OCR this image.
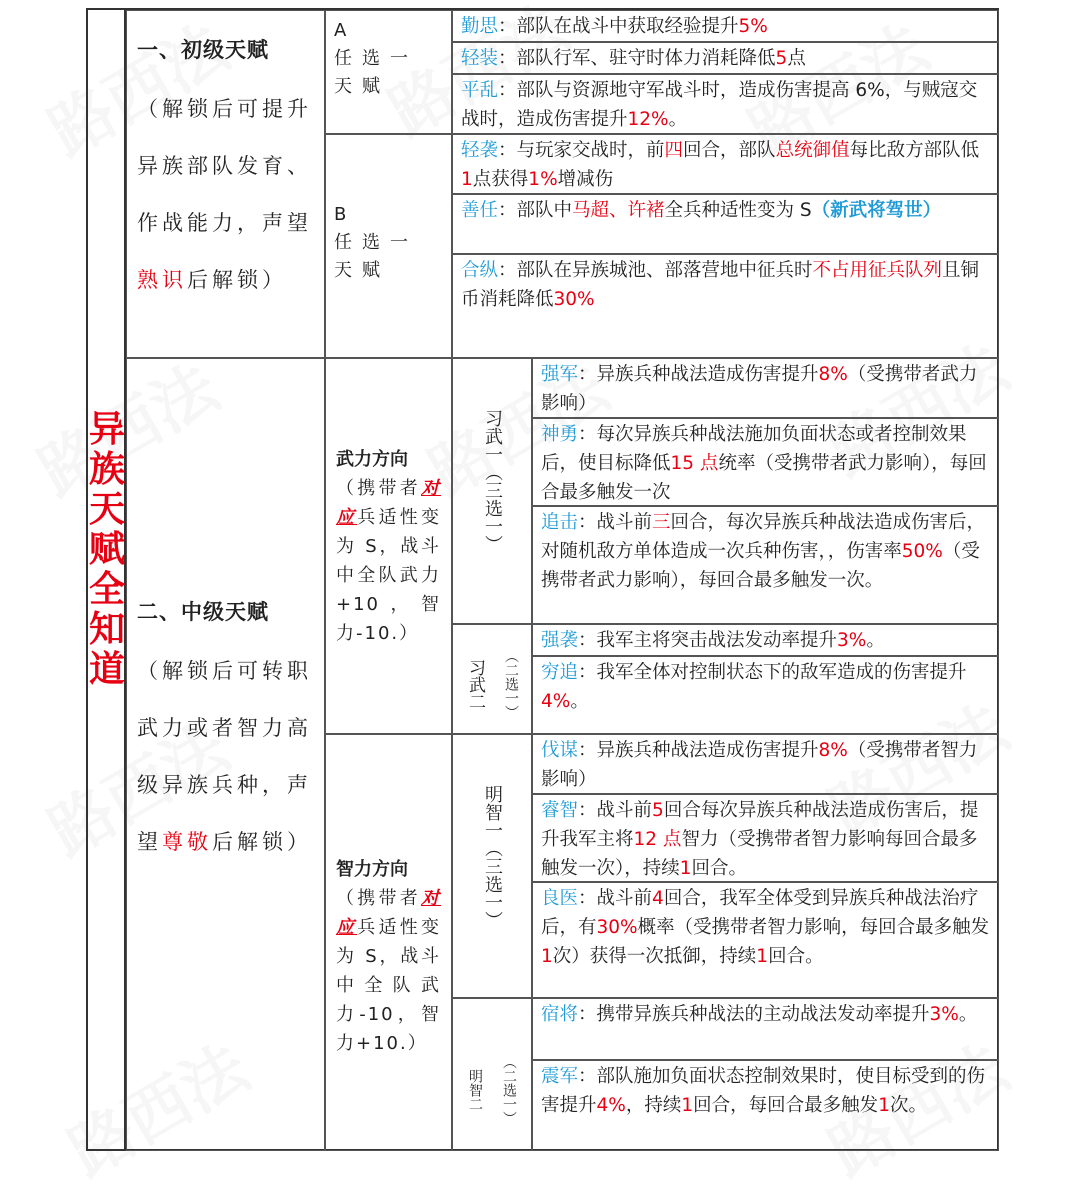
异族天赋全知道
一、初级天赋
（解锁后可提升异族部队发育、作战能力，声望熟识后解锁）
A
任选一天赋
B
任选一天赋
勤思：部队在战斗中获取经验提升5%
轻装：部队行军、驻守时体力消耗降低5点
平乱：部队与资源地守军战斗时，造成伤害提高 6%，与贼寇交战时，造成伤害提升12%。
轻袭：与玩家交战时，前四回合，部队总统御值每比敌方部队低1点获得1%增减伤
善任：部队中马超、许褚全兵种适性变为 S（新武将驾世）
合纵：部队在异族城池、部落营地中征兵时不占用征兵队列且铜币消耗降低30%
二、中级天赋
（解锁后可转职武力或者智力高级异族兵种，声望尊敬后解锁）
武力方向
（携带者对应兵适性变为 S，战斗中全队武力+10，智力-10.）
智力方向
（携带者对应兵适性变为 S，战斗中全队武力-10，智力+10.）
习武一
（三选一）
习武二	（二选一）
强军：异族兵种战法造成伤害提升8%（受携带者武力影响）
神勇：每次异族兵种战法施加负面状态或者控制效果后，使目标降低15 点统率（受携带者武力影响），每回合最多触发一次
追击：战斗前三回合，每次异族兵种战法造成伤害后，对随机敌方单体造成一次兵种伤害，，伤害率50%（受携带者武力影响），每回合最多触发一次。
强袭：我军主将突击战法发动率提升3%。
穷追：我军全体对控制状态下的敌军造成的伤害提升4%。
明智一
（三选一）
明智二	（二选一）
伐谋：异族兵种战法造成伤害提升8%（受携带者智力影响）
睿智：战斗前5回合每次异族兵种战法造成伤害后，提升我军主将12 点智力（受携带者智力影响每回合最多触发一次），持续1回合。
良医：战斗前4回合，我军全体受到异族兵种战法治疗后，有30%概率（受携带者智力影响，每回合最多触发1次）获得一次抵御，持续1回合。
宿将：携带异族兵种战法的主动战法发动率提升3%。
震军：部队施加负面状态控制效果时，使目标受到的伤害提升4%，持续1回合，每回合最多触发1次。
